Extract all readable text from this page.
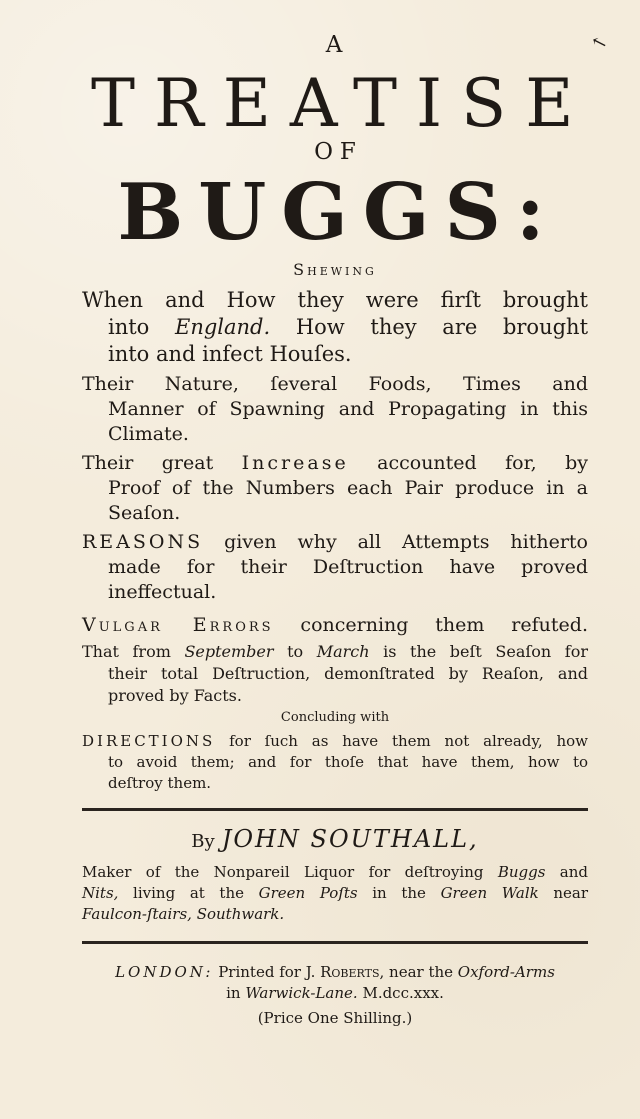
↖
A
TREATISE
OF
BUGGS:
Shewing
When and How they were firſt brought
into England. How they are brought
into and infect Houſes.
Their Nature, ſeveral Foods, Times and
Manner of Spawning and Propagating in this
Climate.
Their great Increase accounted for, by
Proof of the Numbers each Pair produce in a
Seaſon.
REASONS given why all Attempts hitherto
made for their Deſtruction have proved
ineffectual.
Vulgar Errors concerning them refuted.
That from September to March is the beſt Seaſon for
their total Deſtruction, demonſtrated by Reaſon, and
proved by Facts.
Concluding with
DIRECTIONS for ſuch as have them not already, how
to avoid them; and for thoſe that have them, how to
deſtroy them.
By JOHN SOUTHALL,
Maker of the Nonpareil Liquor for deſtroying Buggs and
Nits, living at the Green Poſts in the Green Walk near
Faulcon-ſtairs, Southwark.
LONDON: Printed for J. Roberts, near the Oxford-Arms
in Warwick-Lane. M.dcc.xxx.
(Price One Shilling.)
